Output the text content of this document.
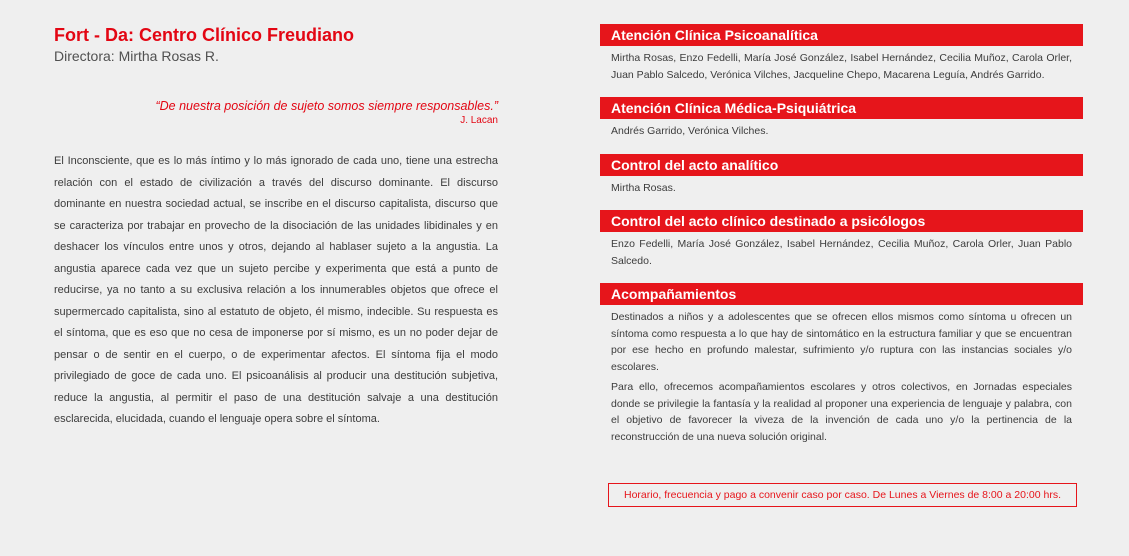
Fort - Da: Centro Clínico Freudiano

Directora: Mirtha Rosas R.

“De nuestra posición de sujeto somos siempre responsables.”
J. Lacan
El Inconsciente, que es lo más íntimo y lo más ignorado de cada uno, tiene una estrecha relación con el estado de civilización a través del discurso dominante. El discurso dominante en nuestra sociedad actual, se inscribe en el discurso capitalista, discurso que se caracteriza por trabajar en provecho de la disociación de las unidades libidinales y en deshacer los vínculos entre unos y otros, dejando al hablaser sujeto a la angustia. La angustia aparece cada vez que un sujeto percibe y experimenta que está a punto de reducirse, ya no tanto a su exclusiva relación a los innumerables objetos que ofrece el supermercado capitalista, sino al estatuto de objeto, él mismo, indecible. Su respuesta es el síntoma, que es eso que no cesa de imponerse por sí mismo, es un no poder dejar de pensar o de sentir en el cuerpo, o de experimentar afectos. El síntoma fija el modo privilegiado de goce de cada uno. El psicoanálisis al producir una destitución subjetiva, reduce la angustia, al permitir el paso de una destitución salvaje a una destitución esclarecida, elucidada, cuando el lenguaje opera sobre el síntoma.
Atención Clínica Psicoanalítica

Mirtha Rosas, Enzo Fedelli, María José González, Isabel Hernández, Cecilia Muñoz, Carola Orler, Juan Pablo Salcedo, Verónica Vilches, Jacqueline Chepo, Macarena Leguía, Andrés Garrido.

Atención Clínica Médica-Psiquiátrica

Andrés Garrido, Verónica Vilches.

Control del acto analítico

Mirtha Rosas.

Control del acto clínico destinado a psicólogos

Enzo Fedelli, María José González, Isabel Hernández, Cecilia Muñoz, Carola Orler, Juan Pablo Salcedo.

Acompañamientos

Destinados a niños y a adolescentes que se ofrecen ellos mismos como síntoma u ofrecen un síntoma como respuesta a lo que hay de sintomático en la estructura familiar y que se encuentran por ese hecho en profundo malestar, sufrimiento y/o ruptura con las instancias sociales y/o escolares.

Para ello, ofrecemos acompañamientos escolares y otros colectivos, en Jornadas especiales donde se privilegie la fantasía y la realidad al proponer una experiencia de lenguaje y palabra, con el objetivo de favorecer la viveza de la invención de cada uno y/o la pertinencia de la reconstrucción de una nueva solución original.

Horario, frecuencia y pago a convenir caso por caso. De Lunes a Viernes de 8:00 a 20:00 hrs.
